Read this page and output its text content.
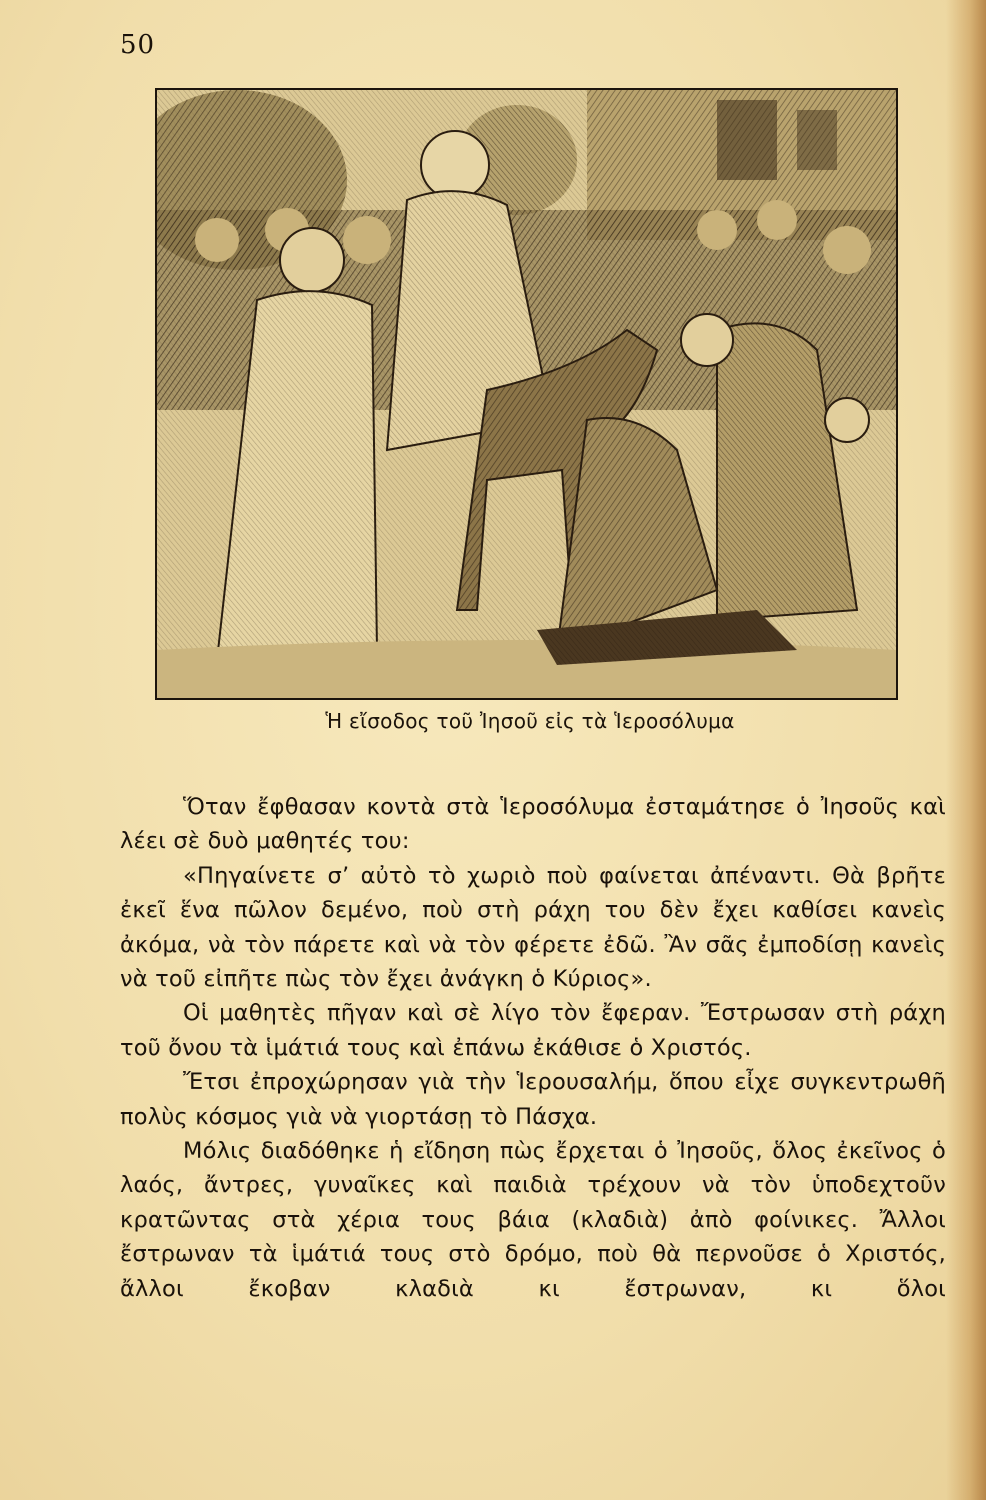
50
Ἡ εἴσοδος τοῦ Ἰησοῦ εἰς τὰ Ἱεροσόλυμα

Ὅταν ἔφθασαν κοντὰ στὰ Ἱεροσόλυμα ἐσταμάτησε ὁ Ἰησοῦς καὶ λέει σὲ δυὸ μαθητές του:

«Πηγαίνετε σ’ αὐτὸ τὸ χωριὸ ποὺ φαίνεται ἀπέναντι. Θὰ βρῆτε ἐκεῖ ἕνα πῶλον δεμένο, ποὺ στὴ ράχη του δὲν ἔχει καθίσει κανεὶς ἀκόμα, νὰ τὸν πάρετε καὶ νὰ τὸν φέρετε ἐδῶ. Ἂν σᾶς ἐμποδίσῃ κανεὶς νὰ τοῦ εἰπῆτε πὼς τὸν ἔχει ἀνάγκη ὁ Κύριος».

Οἱ μαθητὲς πῆγαν καὶ σὲ λίγο τὸν ἔφεραν. Ἔστρωσαν στὴ ράχη τοῦ ὄνου τὰ ἱμάτιά τους καὶ ἐπάνω ἐκάθισε ὁ Χριστός.

Ἔτσι ἐπροχώρησαν γιὰ τὴν Ἱερουσαλήμ, ὅπου εἶχε συγκεντρωθῆ πολὺς κόσμος γιὰ νὰ γιορτάσῃ τὸ Πάσχα.

Μόλις διαδόθηκε ἡ εἴδηση πὼς ἔρχεται ὁ Ἰησοῦς, ὅλος ἐκεῖνος ὁ λαός, ἄντρες, γυναῖκες καὶ παιδιὰ τρέχουν νὰ τὸν ὑποδεχτοῦν κρατῶντας στὰ χέρια τους βάια (κλαδιὰ) ἀπὸ φοίνικες. Ἄλλοι ἔστρωναν τὰ ἱμάτιά τους στὸ δρόμο, ποὺ θὰ περνοῦσε ὁ Χριστός, ἄλλοι ἔκοβαν κλαδιὰ κι ἔστρωναν, κι ὅλοι
